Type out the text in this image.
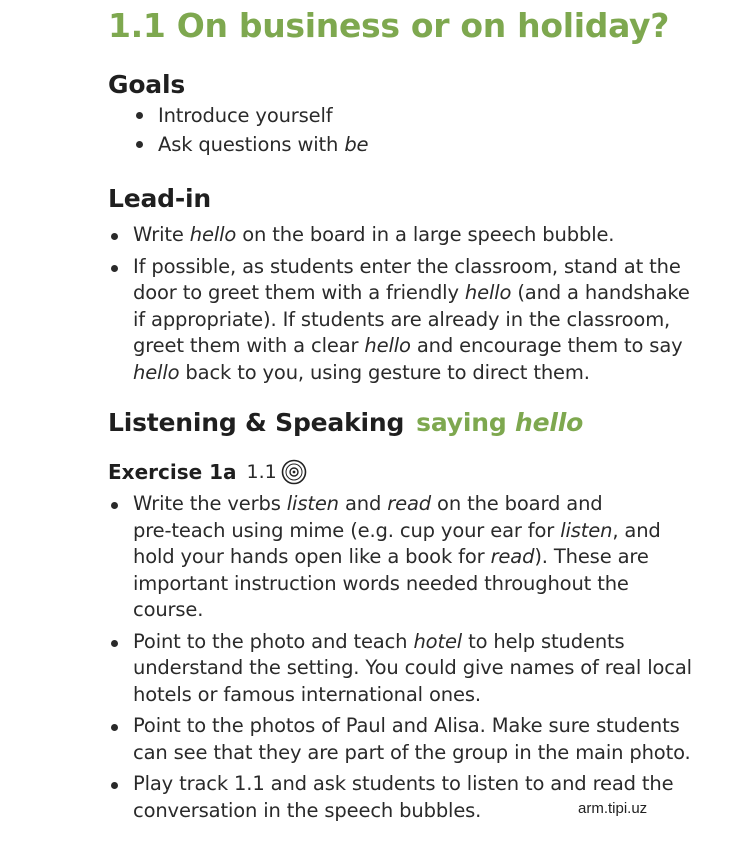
1.1 On business or on holiday?
Goals
Introduce yourself
Ask questions with be
Lead-in
Write hello on the board in a large speech bubble.
If possible, as students enter the classroom, stand at the
door to greet them with a friendly hello (and a handshake
if appropriate). If students are already in the classroom,
greet them with a clear hello and encourage them to say
hello back to you, using gesture to direct them.
Listening & Speaking saying hello
Exercise 1a 1.1
Write the verbs listen and read on the board and
pre-teach using mime (e.g. cup your ear for listen, and
hold your hands open like a book for read). These are
important instruction words needed throughout the
course.
Point to the photo and teach hotel to help students
understand the setting. You could give names of real local
hotels or famous international ones.
Point to the photos of Paul and Alisa. Make sure students
can see that they are part of the group in the main photo.
Play track 1.1 and ask students to listen to and read the
conversation in the speech bubbles.	arm.tipi.uz
